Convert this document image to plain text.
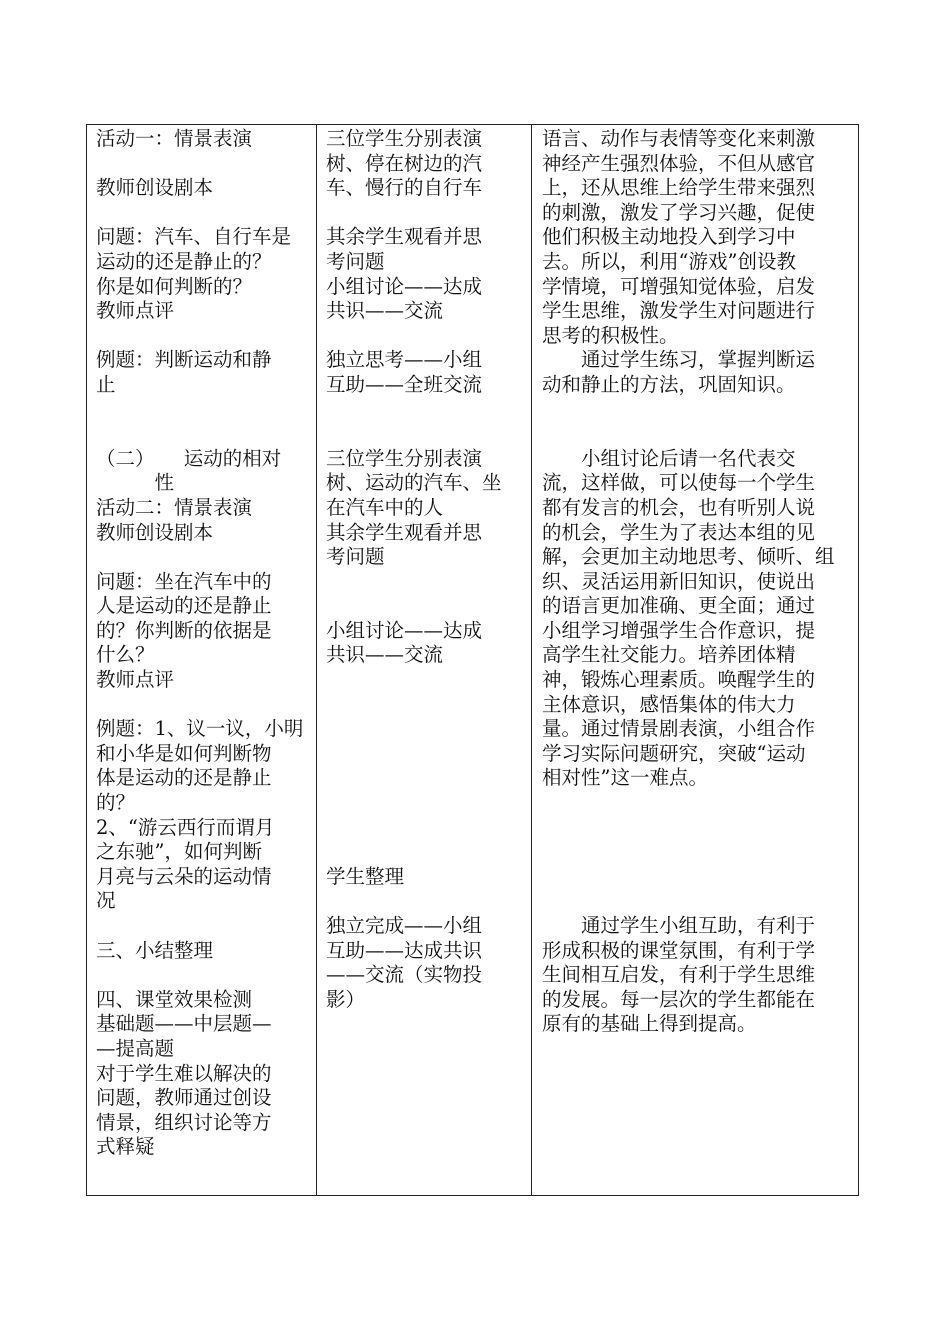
活动一：情景表演
教师创设剧本
问题：汽车、自行车是
运动的还是静止的？
你是如何判断的？
教师点评
例题：判断运动和静
止
（二）　　运动的相对
　　　性
活动二：情景表演
教师创设剧本
问题：坐在汽车中的
人是运动的还是静止
的？你判断的依据是
什么？
教师点评
例题：1、议一议，小明
和小华是如何判断物
体是运动的还是静止
的？
2、“游云西行而谓月
之东驰”，如何判断
月亮与云朵的运动情
况
三、小结整理
四、课堂效果检测
基础题——中层题—
—提高题
对于学生难以解决的
问题，教师通过创设
情景，组织讨论等方
式释疑
三位学生分别表演
树、停在树边的汽
车、慢行的自行车
其余学生观看并思
考问题
小组讨论——达成
共识——交流
独立思考——小组
互助——全班交流
三位学生分别表演
树、运动的汽车、坐
在汽车中的人
其余学生观看并思
考问题
小组讨论——达成
共识——交流
学生整理
独立完成——小组
互助——达成共识
——交流（实物投
影）
语言、动作与表情等变化来刺激
神经产生强烈体验，不但从感官
上，还从思维上给学生带来强烈
的刺激，激发了学习兴趣，促使
他们积极主动地投入到学习中
去。所以，利用“游戏”创设教
学情境，可增强知觉体验，启发
学生思维，激发学生对问题进行
思考的积极性。
　　通过学生练习，掌握判断运
动和静止的方法，巩固知识。
　　小组讨论后请一名代表交
流，这样做，可以使每一个学生
都有发言的机会，也有听别人说
的机会，学生为了表达本组的见
解，会更加主动地思考、倾听、组
织、灵活运用新旧知识，使说出
的语言更加准确、更全面；通过
小组学习增强学生合作意识，提
高学生社交能力。培养团体精
神，锻炼心理素质。唤醒学生的
主体意识，感悟集体的伟大力
量。通过情景剧表演，小组合作
学习实际问题研究，突破“运动
相对性”这一难点。
　　通过学生小组互助，有利于
形成积极的课堂氛围，有利于学
生间相互启发，有利于学生思维
的发展。每一层次的学生都能在
原有的基础上得到提高。
